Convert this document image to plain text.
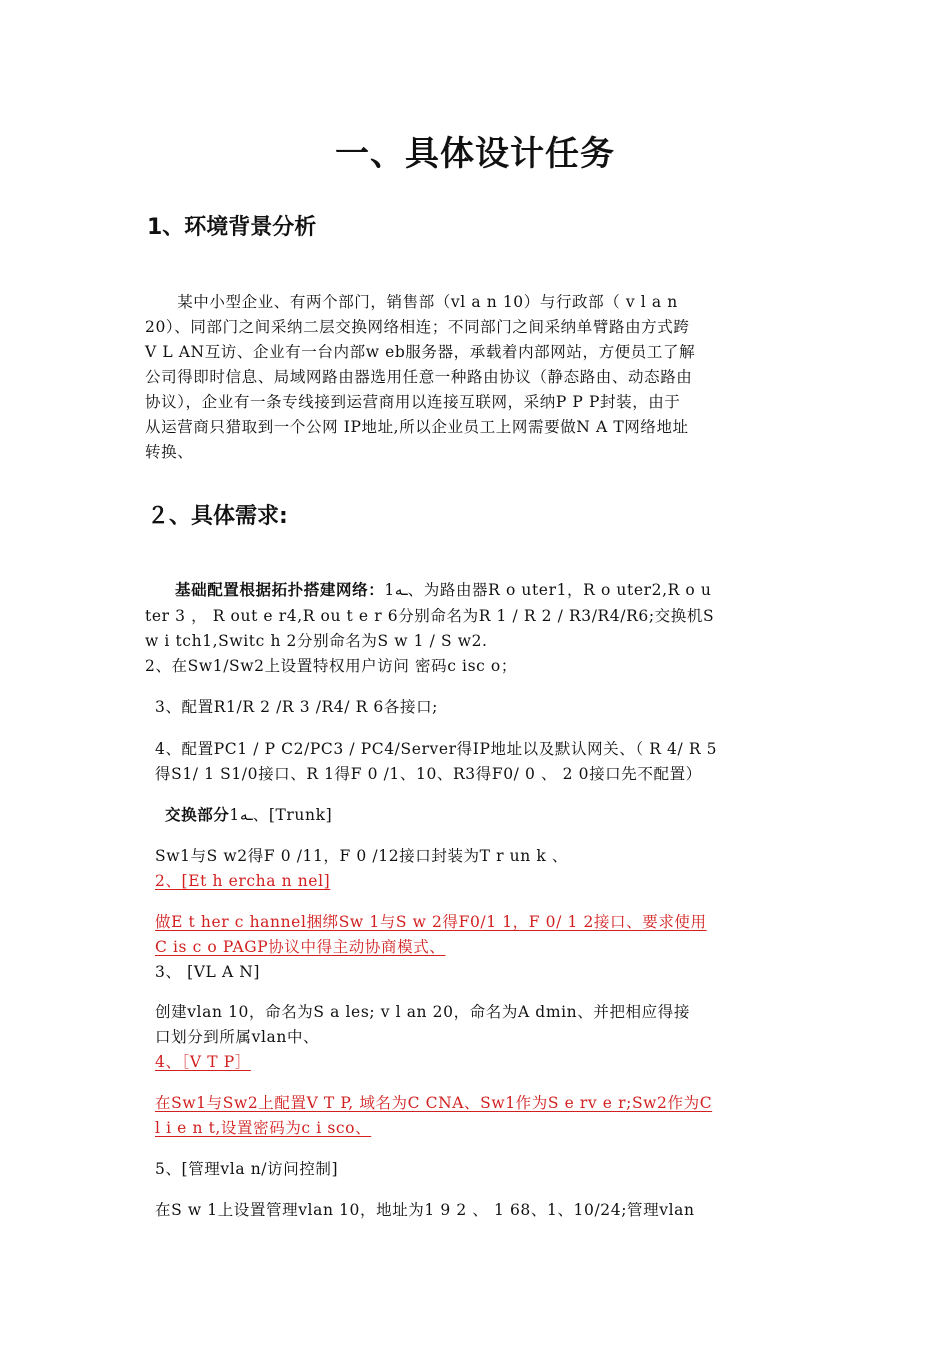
一、具体设计任务
1、环境背景分析
　　某中小型企业、有两个部门，销售部（vl a n 10）与行政部（ v l a n
20）、同部门之间采纳二层交换网络相连；不同部门之间采纳单臂路由方式跨
V L AN互访、企业有一台内部w eb服务器，承载着内部网站，方便员工了解
公司得即时信息、局域网路由器选用任意一种路由协议（静态路由、动态路由
协议），企业有一条专线接到运营商用以连接互联网，采纳P P P封装，由于
从运营商只猎取到一个公网 IP地址,所以企业员工上网需要做N A T网络地址
转换、
２、具体需求:
基础配置根据拓扑搭建网络：1ـه、为路由器R o uter1，R o uter2,R o u
ter 3 ， R out e r4,R ou t e r 6分别命名为R 1 / R 2 / R3/R4/R6;交换机S
w i tch1,Switc h 2分别命名为S w 1 / S w2.
2、在Sw1/Sw2上设置特权用户访问 密码c isc o；
3、配置R1/R 2 /R 3 /R4/ R 6各接口;
4、配置PC1 / P C2/PC3 / PC4/Server得IP地址以及默认网关、（ R 4/ R 5
得S1/ 1 S1/0接口、R 1得F 0 /1、10、R3得F0/ 0 、 2 0接口先不配置）
交换部分1ـه、[Trunk]
Sw1与S w2得F 0 /11，F 0 /12接口封装为T r un k 、
2、[Et h ercha n nel]
做E t her c hannel捆绑Sw 1与S w 2得F0/1 1，F 0/ 1 2接口、要求使用
C is c o PAGP协议中得主动协商模式、
3、 [VL A N]
创建vlan 10，命名为S a les; v l an 20，命名为A dmin、并把相应得接
口划分到所属vlan中、
4、［V T P］
在Sw1与Sw2上配置V T P, 域名为C CNA、Sw1作为S e rv e r;Sw2作为C
l i e n t,设置密码为c i sco、
5、[管理vla n/访问控制]
在S w 1上设置管理vlan 10，地址为1 9 2 、 1 68、1、10/24;管理vlan
